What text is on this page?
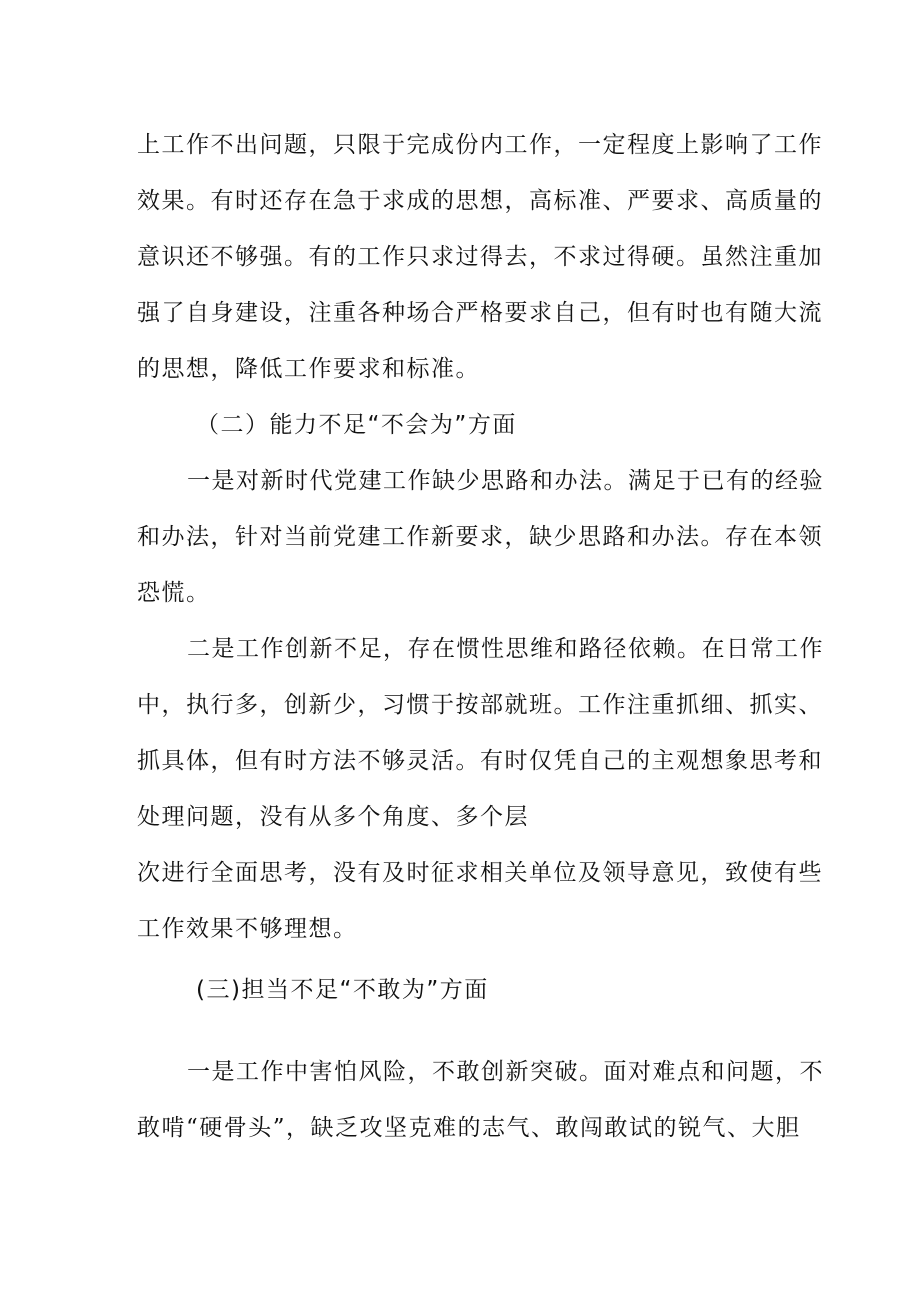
上工作不出问题，只限于完成份内工作，一定程度上影响了工作
效果。有时还存在急于求成的思想，高标准、严要求、高质量的
意识还不够强。有的工作只求过得去，不求过得硬。虽然注重加
强了自身建设，注重各种场合严格要求自己，但有时也有随大流
的思想，降低工作要求和标准。
（二）能力不足“不会为”方面
一是对新时代党建工作缺少思路和办法。满足于已有的经验
和办法，针对当前党建工作新要求，缺少思路和办法。存在本领
恐慌。
二是工作创新不足，存在惯性思维和路径依赖。在日常工作
中，执行多，创新少，习惯于按部就班。工作注重抓细、抓实、
抓具体，但有时方法不够灵活。有时仅凭自己的主观想象思考和
处理问题，没有从多个角度、多个层
次进行全面思考，没有及时征求相关单位及领导意见，致使有些
工作效果不够理想。
(三)担当不足“不敢为”方面
一是工作中害怕风险，不敢创新突破。面对难点和问题，不
敢啃“硬骨头”，缺乏攻坚克难的志气、敢闯敢试的锐气、大胆
